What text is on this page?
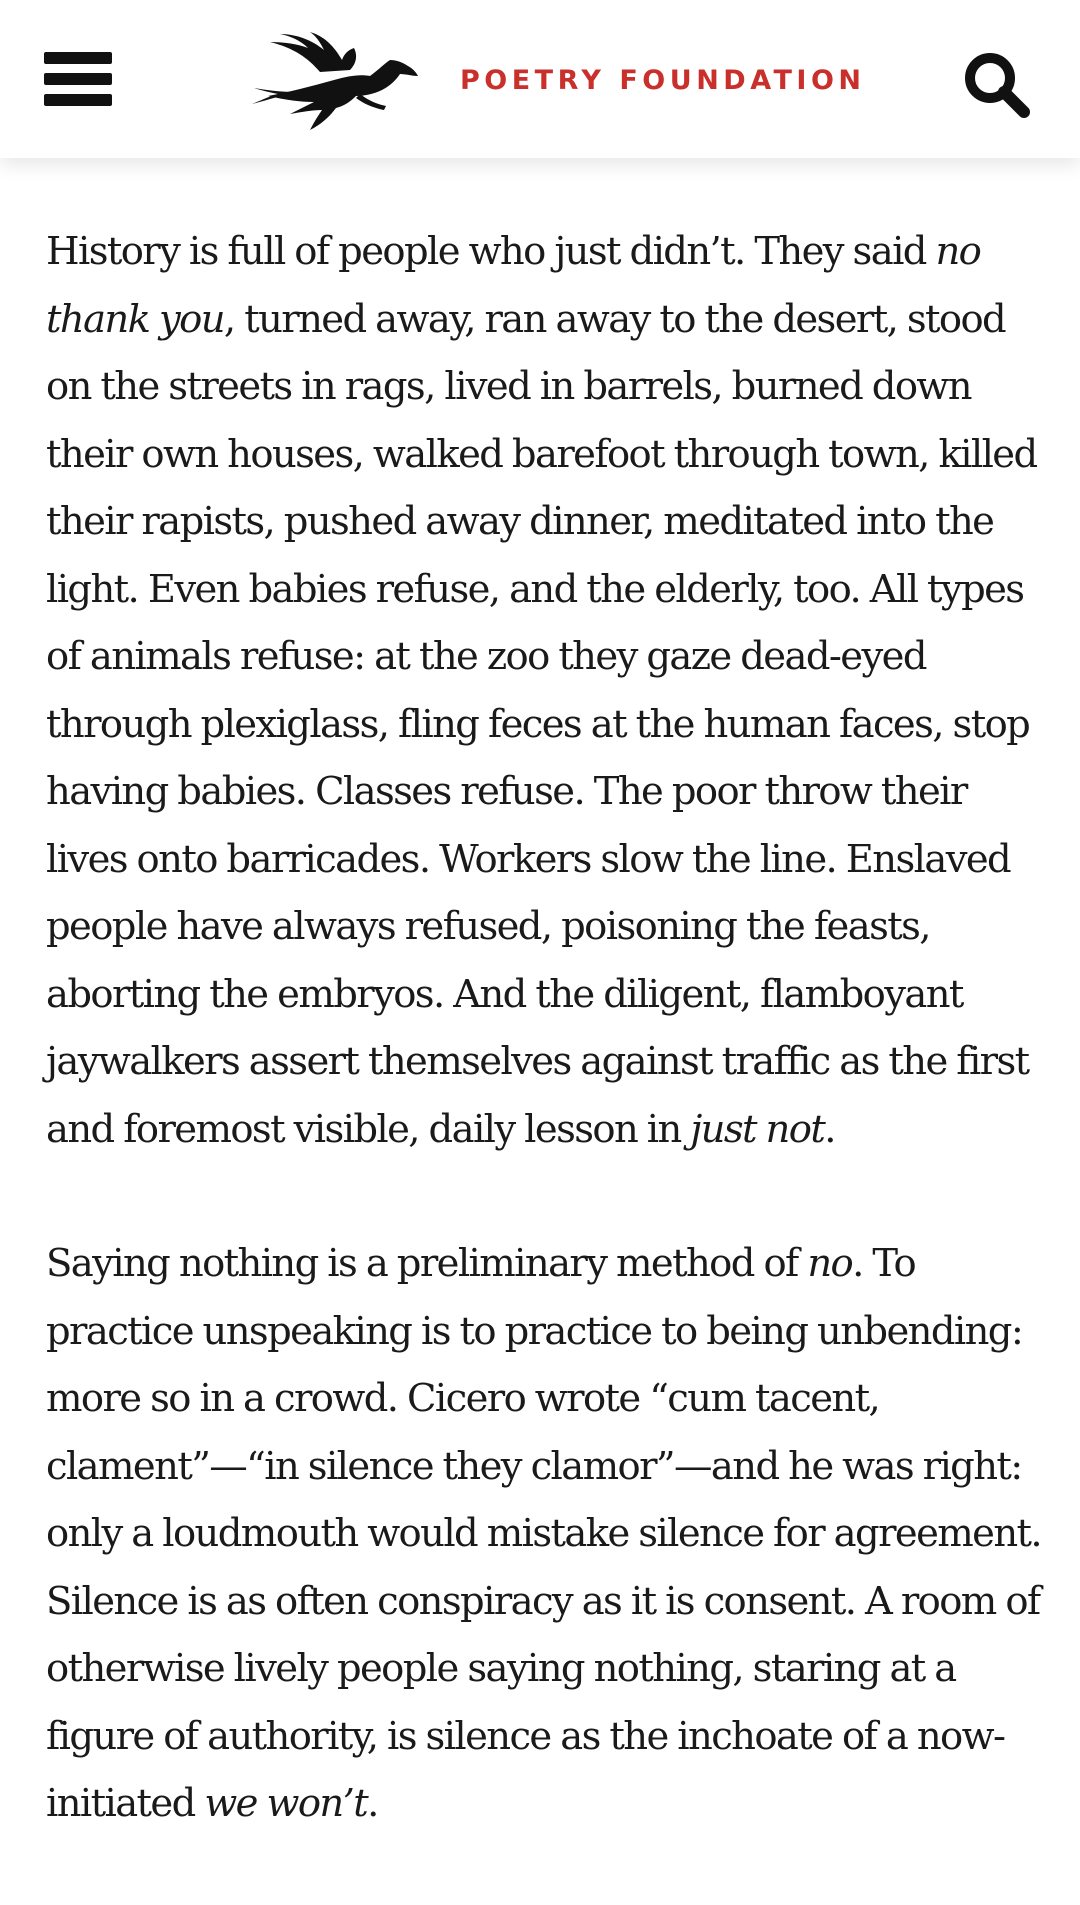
POETRY FOUNDATION

History is full of people who just didn’t. They said no thank you, turned away, ran away to the desert, stood on the streets in rags, lived in barrels, burned down their own houses, walked barefoot through town, killed their rapists, pushed away dinner, meditated into the light. Even babies refuse, and the elderly, too. All types of animals refuse: at the zoo they gaze dead-eyed through plexiglass, fling feces at the human faces, stop having babies. Classes refuse. The poor throw their lives onto barricades. Workers slow the line. Enslaved people have always refused, poisoning the feasts, aborting the embryos. And the diligent, flamboyant jaywalkers assert themselves against traffic as the first and foremost visible, daily lesson in just not.

Saying nothing is a preliminary method of no. To practice unspeaking is to practice to being unbending: more so in a crowd. Cicero wrote “cum tacent, clament”—“in silence they clamor”—and he was right: only a loudmouth would mistake silence for agreement. Silence is as often conspiracy as it is consent. A room of otherwise lively people saying nothing, staring at a figure of authority, is silence as the inchoate of a now-initiated we won’t.
